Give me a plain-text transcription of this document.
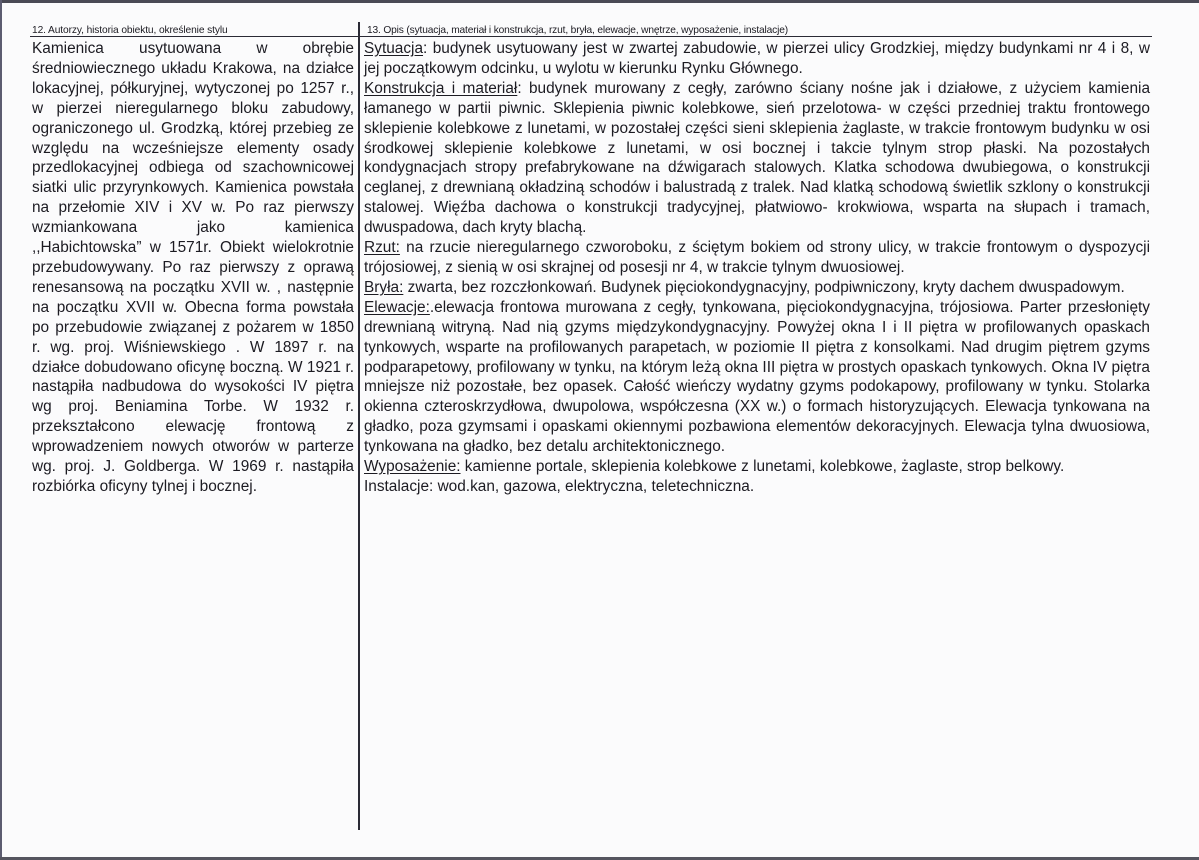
12. Autorzy, historia obiektu, określenie stylu	13. Opis (sytuacja, materiał i konstrukcja, rzut, bryła, elewacje, wnętrze, wyposażenie, instalacje)

Kamienica usytuowana w obrębie średniowiecznego układu Krakowa, na działce lokacyjnej, półkuryjnej, wytyczonej po 1257 r., w pierzei nieregularnego bloku zabudowy, ograniczonego ul. Grodzką, której przebieg ze względu na wcześniejsze elementy osady przedlokacyjnej odbiega od szachownicowej siatki ulic przyrynkowych. Kamienica powstała na przełomie XIV i XV w. Po raz pierwszy wzmiankowana jako kamienica ,,Habichtowska” w 1571r. Obiekt wielokrotnie przebudowywany. Po raz pierwszy z oprawą renesansową na początku XVII w. , następnie na początku XVII w. Obecna forma powstała po przebudowie związanej z pożarem w 1850 r. wg. proj. Wiśniewskiego . W 1897 r. na działce dobudowano oficynę boczną. W 1921 r. nastąpiła nadbudowa do wysokości IV piętra wg proj. Beniamina Torbe. W 1932 r. przekształcono elewację frontową z wprowadzeniem nowych otworów w parterze wg. proj. J. Goldberga. W 1969 r. nastąpiła rozbiórka oficyny tylnej i bocznej.

Sytuacja: budynek usytuowany jest w zwartej zabudowie, w pierzei ulicy Grodzkiej, między budynkami nr 4 i 8, w jej początkowym odcinku, u wylotu w kierunku Rynku Głównego.

Konstrukcja i materiał: budynek murowany z cegły, zarówno ściany nośne jak i działowe, z użyciem kamienia łamanego w partii piwnic. Sklepienia piwnic kolebkowe, sień przelotowa- w części przedniej traktu frontowego sklepienie kolebkowe z lunetami, w pozostałej części sieni sklepienia żaglaste, w trakcie frontowym budynku w osi środkowej sklepienie kolebkowe z lunetami, w osi bocznej i takcie tylnym strop płaski. Na pozostałych kondygnacjach stropy prefabrykowane na dźwigarach stalowych. Klatka schodowa dwubiegowa, o konstrukcji ceglanej, z drewnianą okładziną schodów i balustradą z tralek. Nad klatką schodową świetlik szklony o konstrukcji stalowej. Więźba dachowa o konstrukcji tradycyjnej, płatwiowo- krokwiowa, wsparta na słupach i tramach, dwuspadowa, dach kryty blachą.

Rzut: na rzucie nieregularnego czworoboku, z ściętym bokiem od strony ulicy, w trakcie frontowym o dyspozycji trójosiowej, z sienią w osi skrajnej od posesji nr 4, w trakcie tylnym dwuosiowej.

Bryła: zwarta, bez rozczłonkowań. Budynek pięciokondygnacyjny, podpiwniczony, kryty dachem dwuspadowym.

Elewacje:.elewacja frontowa murowana z cegły, tynkowana, pięciokondygnacyjna, trójosiowa. Parter przesłonięty drewnianą witryną. Nad nią gzyms międzykondygnacyjny. Powyżej okna I i II piętra w profilowanych opaskach tynkowych, wsparte na profilowanych parapetach, w poziomie II piętra z konsolkami. Nad drugim piętrem gzyms podparapetowy, profilowany w tynku, na którym leżą okna III piętra w prostych opaskach tynkowych. Okna IV piętra mniejsze niż pozostałe, bez opasek. Całość wieńczy wydatny gzyms podokapowy, profilowany w tynku. Stolarka okienna czteroskrzydłowa, dwupolowa, współczesna (XX w.) o formach historyzujących. Elewacja tynkowana na gładko, poza gzymsami i opaskami okiennymi pozbawiona elementów dekoracyjnych. Elewacja tylna dwuosiowa, tynkowana na gładko, bez detalu architektonicznego.

Wyposażenie: kamienne portale, sklepienia kolebkowe z lunetami, kolebkowe, żaglaste, strop belkowy.

Instalacje: wod.kan, gazowa, elektryczna, teletechniczna.
